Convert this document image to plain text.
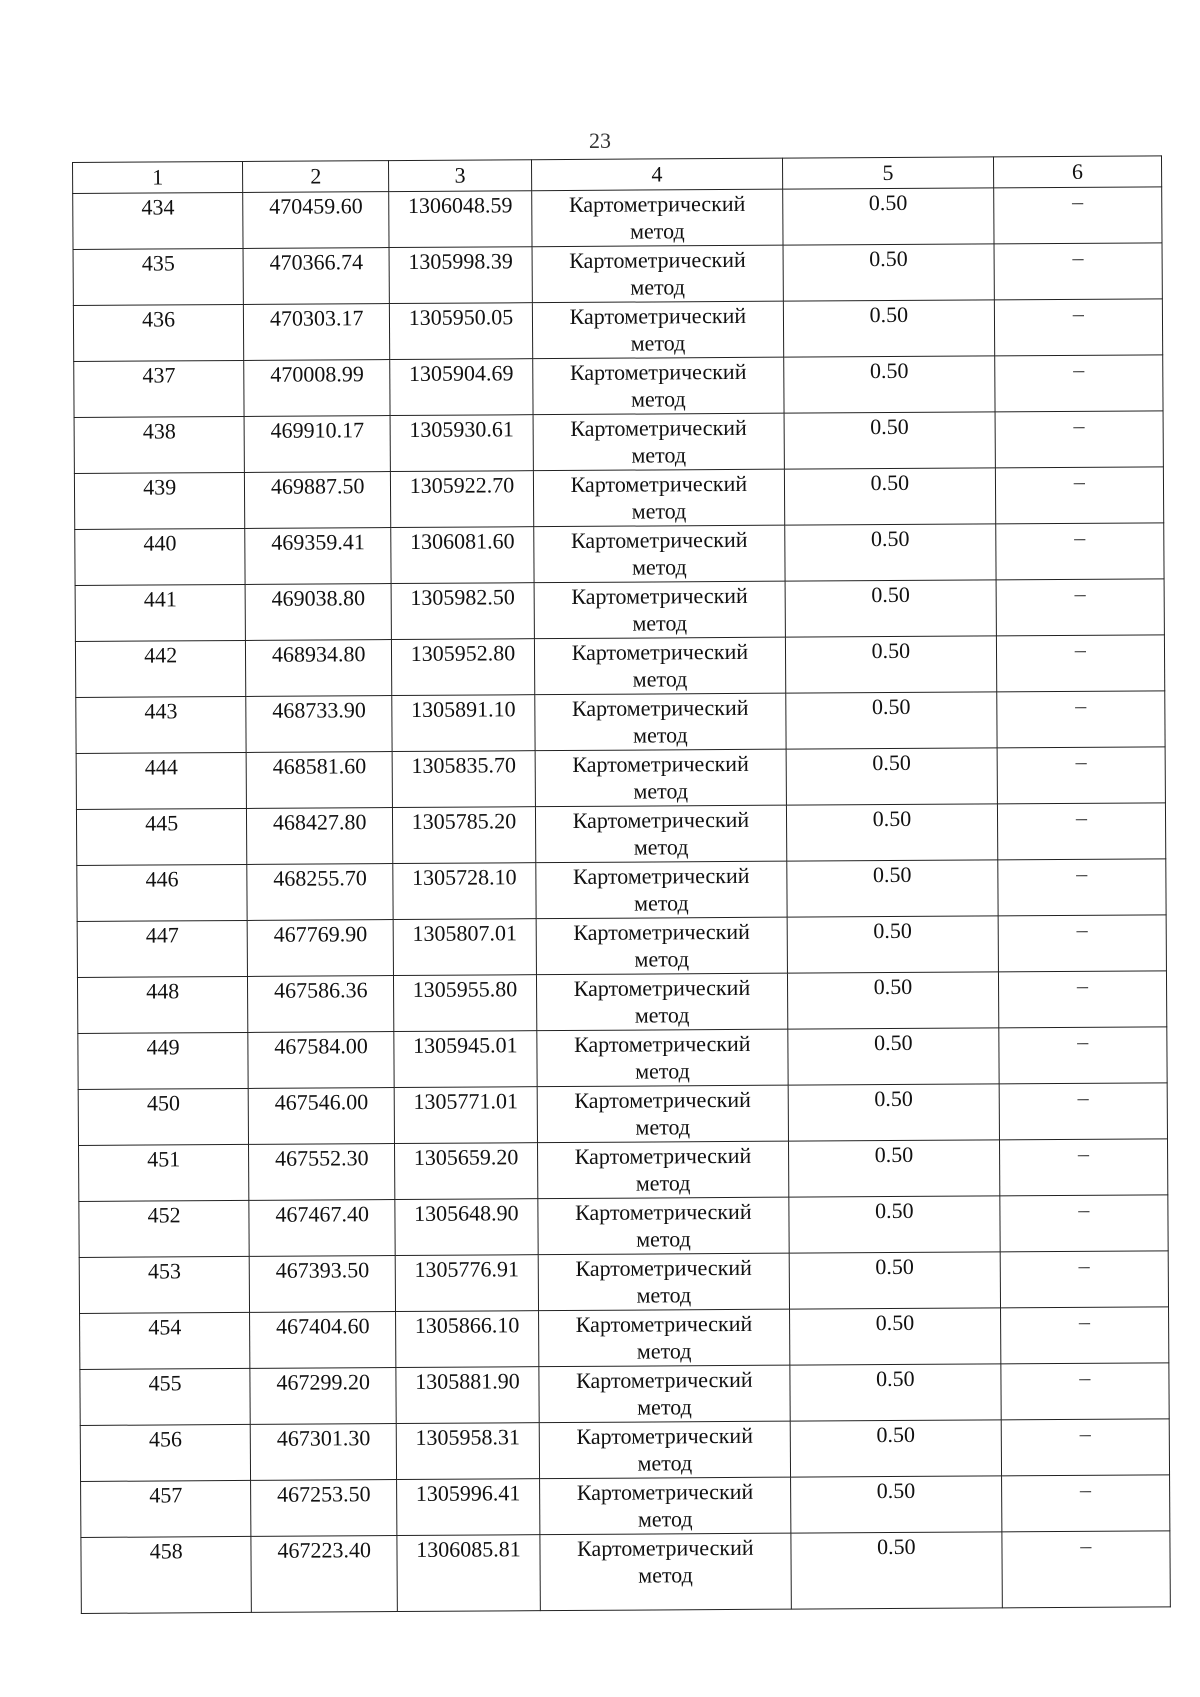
23
1	2	3	4	5	6
434	470459.60	1306048.59	Картометрический
метод	0.50	–
435	470366.74	1305998.39	Картометрический
метод	0.50	–
436	470303.17	1305950.05	Картометрический
метод	0.50	–
437	470008.99	1305904.69	Картометрический
метод	0.50	–
438	469910.17	1305930.61	Картометрический
метод	0.50	–
439	469887.50	1305922.70	Картометрический
метод	0.50	–
440	469359.41	1306081.60	Картометрический
метод	0.50	–
441	469038.80	1305982.50	Картометрический
метод	0.50	–
442	468934.80	1305952.80	Картометрический
метод	0.50	–
443	468733.90	1305891.10	Картометрический
метод	0.50	–
444	468581.60	1305835.70	Картометрический
метод	0.50	–
445	468427.80	1305785.20	Картометрический
метод	0.50	–
446	468255.70	1305728.10	Картометрический
метод	0.50	–
447	467769.90	1305807.01	Картометрический
метод	0.50	–
448	467586.36	1305955.80	Картометрический
метод	0.50	–
449	467584.00	1305945.01	Картометрический
метод	0.50	–
450	467546.00	1305771.01	Картометрический
метод	0.50	–
451	467552.30	1305659.20	Картометрический
метод	0.50	–
452	467467.40	1305648.90	Картометрический
метод	0.50	–
453	467393.50	1305776.91	Картометрический
метод	0.50	–
454	467404.60	1305866.10	Картометрический
метод	0.50	–
455	467299.20	1305881.90	Картометрический
метод	0.50	–
456	467301.30	1305958.31	Картометрический
метод	0.50	–
457	467253.50	1305996.41	Картометрический
метод	0.50	–
458	467223.40	1306085.81	Картометрический
метод	0.50	–
